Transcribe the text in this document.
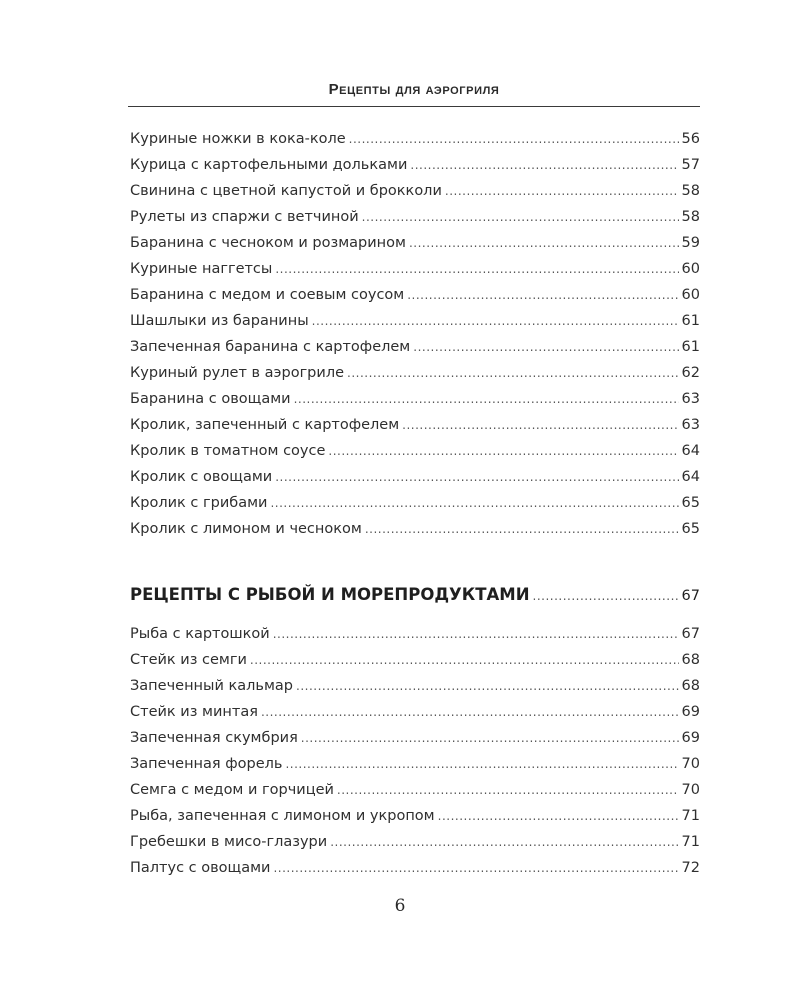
Рецепты для аэрогриля
Куриные ножки в кока-коле .....	56
Курица с картофельными дольками .....	57
Свинина с цветной капустой и брокколи .....	58
Рулеты из спаржи с ветчиной .....	58
Баранина с чесноком и розмарином .....	59
Куриные наггетсы .....	60
Баранина с медом и соевым соусом .....	60
Шашлыки из баранины .....	61
Запеченная баранина с картофелем .....	61
Куриный рулет в аэрогриле .....	62
Баранина с овощами .....	63
Кролик, запеченный с картофелем .....	63
Кролик в томатном соусе .....	64
Кролик с овощами .....	64
Кролик с грибами .....	65
Кролик с лимоном и чесноком .....	65
РЕЦЕПТЫ С РЫБОЙ И МОРЕПРОДУКТАМИ .....	67
Рыба с картошкой .....	67
Стейк из семги .....	68
Запеченный кальмар .....	68
Стейк из минтая .....	69
Запеченная скумбрия .....	69
Запеченная форель .....	70
Семга с медом и горчицей .....	70
Рыба, запеченная с лимоном и укропом .....	71
Гребешки в мисо-глазури .....	71
Палтус с овощами .....	72
6
